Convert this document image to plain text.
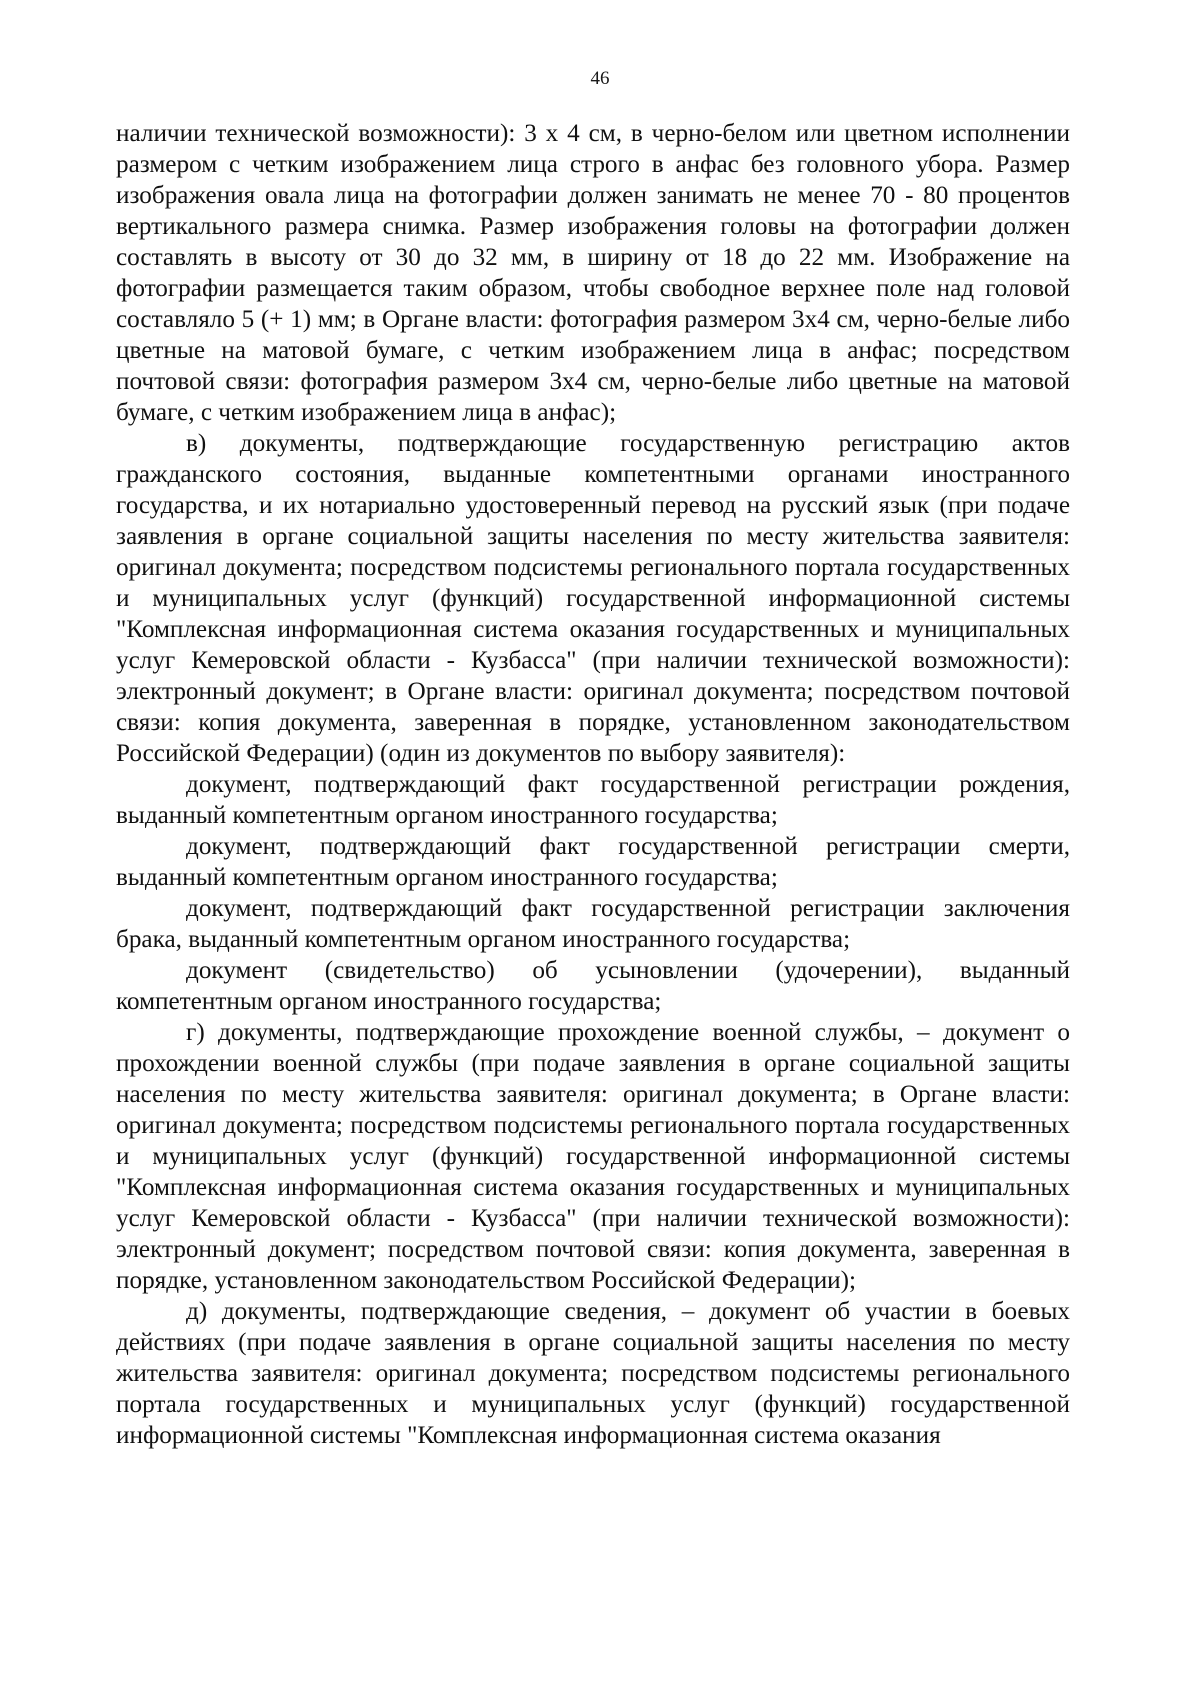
46

наличии технической возможности): 3 х 4 см, в черно-белом или цветном исполнении размером с четким изображением лица строго в анфас без головного убора. Размер изображения овала лица на фотографии должен занимать не менее 70 - 80 процентов вертикального размера снимка. Размер изображения головы на фотографии должен составлять в высоту от 30 до 32 мм, в ширину от 18 до 22 мм. Изображение на фотографии размещается таким образом, чтобы свободное верхнее поле над головой составляло 5 (+ 1) мм; в Органе власти: фотография размером 3х4 см, черно-белые либо цветные на матовой бумаге, с четким изображением лица в анфас; посредством почтовой связи: фотография размером 3х4 см, черно-белые либо цветные на матовой бумаге, с четким изображением лица в анфас);

в) документы, подтверждающие государственную регистрацию актов гражданского состояния, выданные компетентными органами иностранного государства, и их нотариально удостоверенный перевод на русский язык (при подаче заявления в органе социальной защиты населения по месту жительства заявителя: оригинал документа; посредством подсистемы регионального портала государственных и муниципальных услуг (функций) государственной информационной системы "Комплексная информационная система оказания государственных и муниципальных услуг Кемеровской области - Кузбасса" (при наличии технической возможности): электронный документ; в Органе власти: оригинал документа; посредством почтовой связи: копия документа, заверенная в порядке, установленном законодательством Российской Федерации) (один из документов по выбору заявителя):

документ, подтверждающий факт государственной регистрации рождения, выданный компетентным органом иностранного государства;

документ, подтверждающий факт государственной регистрации смерти, выданный компетентным органом иностранного государства;

документ, подтверждающий факт государственной регистрации заключения брака, выданный компетентным органом иностранного государства;

документ (свидетельство) об усыновлении (удочерении), выданный компетентным органом иностранного государства;

г) документы, подтверждающие прохождение военной службы, – документ о прохождении военной службы (при подаче заявления в органе социальной защиты населения по месту жительства заявителя: оригинал документа; в Органе власти: оригинал документа; посредством подсистемы регионального портала государственных и муниципальных услуг (функций) государственной информационной системы "Комплексная информационная система оказания государственных и муниципальных услуг Кемеровской области - Кузбасса" (при наличии технической возможности): электронный документ; посредством почтовой связи: копия документа, заверенная в порядке, установленном законодательством Российской Федерации);

д) документы, подтверждающие сведения, – документ об участии в боевых действиях (при подаче заявления в органе социальной защиты населения по месту жительства заявителя: оригинал документа; посредством подсистемы регионального портала государственных и муниципальных услуг (функций) государственной информационной системы "Комплексная информационная система оказания
